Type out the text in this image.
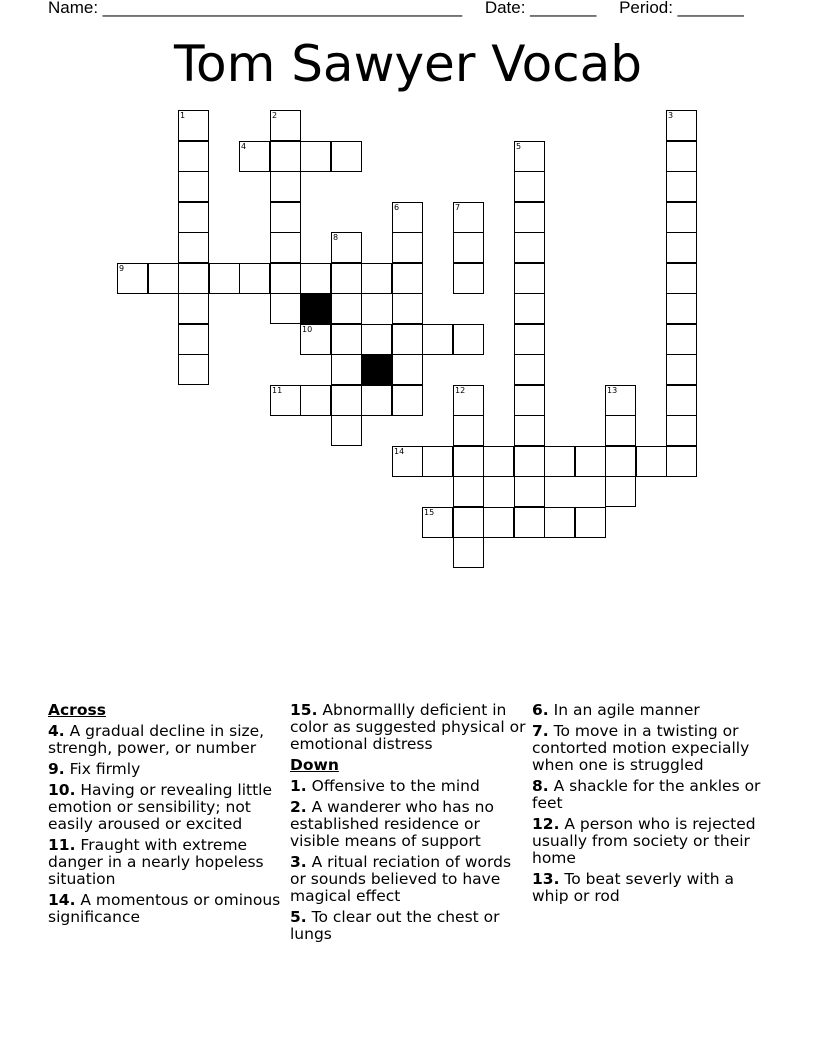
Name: ______________________________________ Date: _______ Period: _______
Tom Sawyer Vocab
1	2	3
4	5
6	7
8
9
10
11	12	13
14
15
Across
4. A gradual decline in size, strengh, power, or number
9. Fix firmly
10. Having or revealing little emotion or sensibility; not easily aroused or excited
11. Fraught with extreme danger in a nearly hopeless situation
14. A momentous or ominous significance
15. Abnormallly deficient in color as suggested physical or emotional distress
Down
1. Offensive to the mind
2. A wanderer who has no established residence or visible means of support
3. A ritual reciation of words or sounds believed to have magical effect
5. To clear out the chest or lungs
6. In an agile manner
7. To move in a twisting or contorted motion expecially when one is struggled
8. A shackle for the ankles or feet
12. A person who is rejected usually from society or their home
13. To beat severly with a whip or rod
